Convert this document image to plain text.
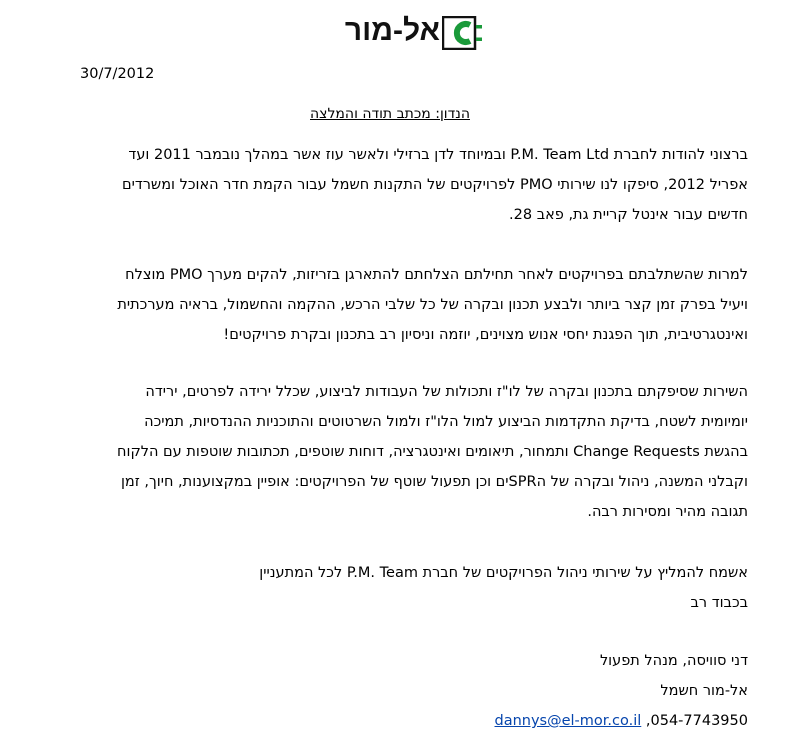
אל-מור
30/7/2012
הנדון: מכתב תודה והמלצה
ברצוני להודות לחברת P.M. Team Ltd ובמיוחד לדן ברזילי ולאשר עוז אשר במהלך נובמבר 2011 ועד
אפריל 2012, סיפקו לנו שירותי PMO לפרויקטים של התקנות חשמל עבור הקמת חדר האוכל ומשרדים
חדשים עבור אינטל קריית גת, פאב 28.
למרות שהשתלבתם בפרויקטים לאחר תחילתם הצלחתם להתארגן בזריזות, להקים מערך PMO מוצלח
ויעיל בפרק זמן קצר ביותר ולבצע תכנון ובקרה של כל שלבי הרכש, ההקמה והחשמול, בראיה מערכתית
ואינטגרטיבית, תוך הפגנת יחסי אנוש מצוינים, יוזמה וניסיון רב בתכנון ובקרת פרויקטים!
השירות שסיפקתם בתכנון ובקרה של לו"ז ותכולות של העבודות לביצוע, שכלל ירידה לפרטים, ירידה
יומיומית לשטח, בדיקת התקדמות הביצוע למול הלו"ז ולמול השרטוטים והתוכניות ההנדסיות, תמיכה
בהגשת Change Requests ותמחור, תיאומים ואינטגרציה, דוחות שוטפים, תכתובות שוטפות עם הלקוח
וקבלני המשנה, ניהול ובקרה של הSPRים וכן תפעול שוטף של הפרויקטים: אופיין במקצוענות, חיוך, זמן
תגובה מהיר ומסירות רבה.
אשמח להמליץ על שירותי ניהול הפרויקטים של חברת P.M. Team לכל המתעניין
בכבוד רב
דני סוויסה, מנהל תפעול
אל-מור חשמל
dannys@el-mor.co.il ,054-7743950
